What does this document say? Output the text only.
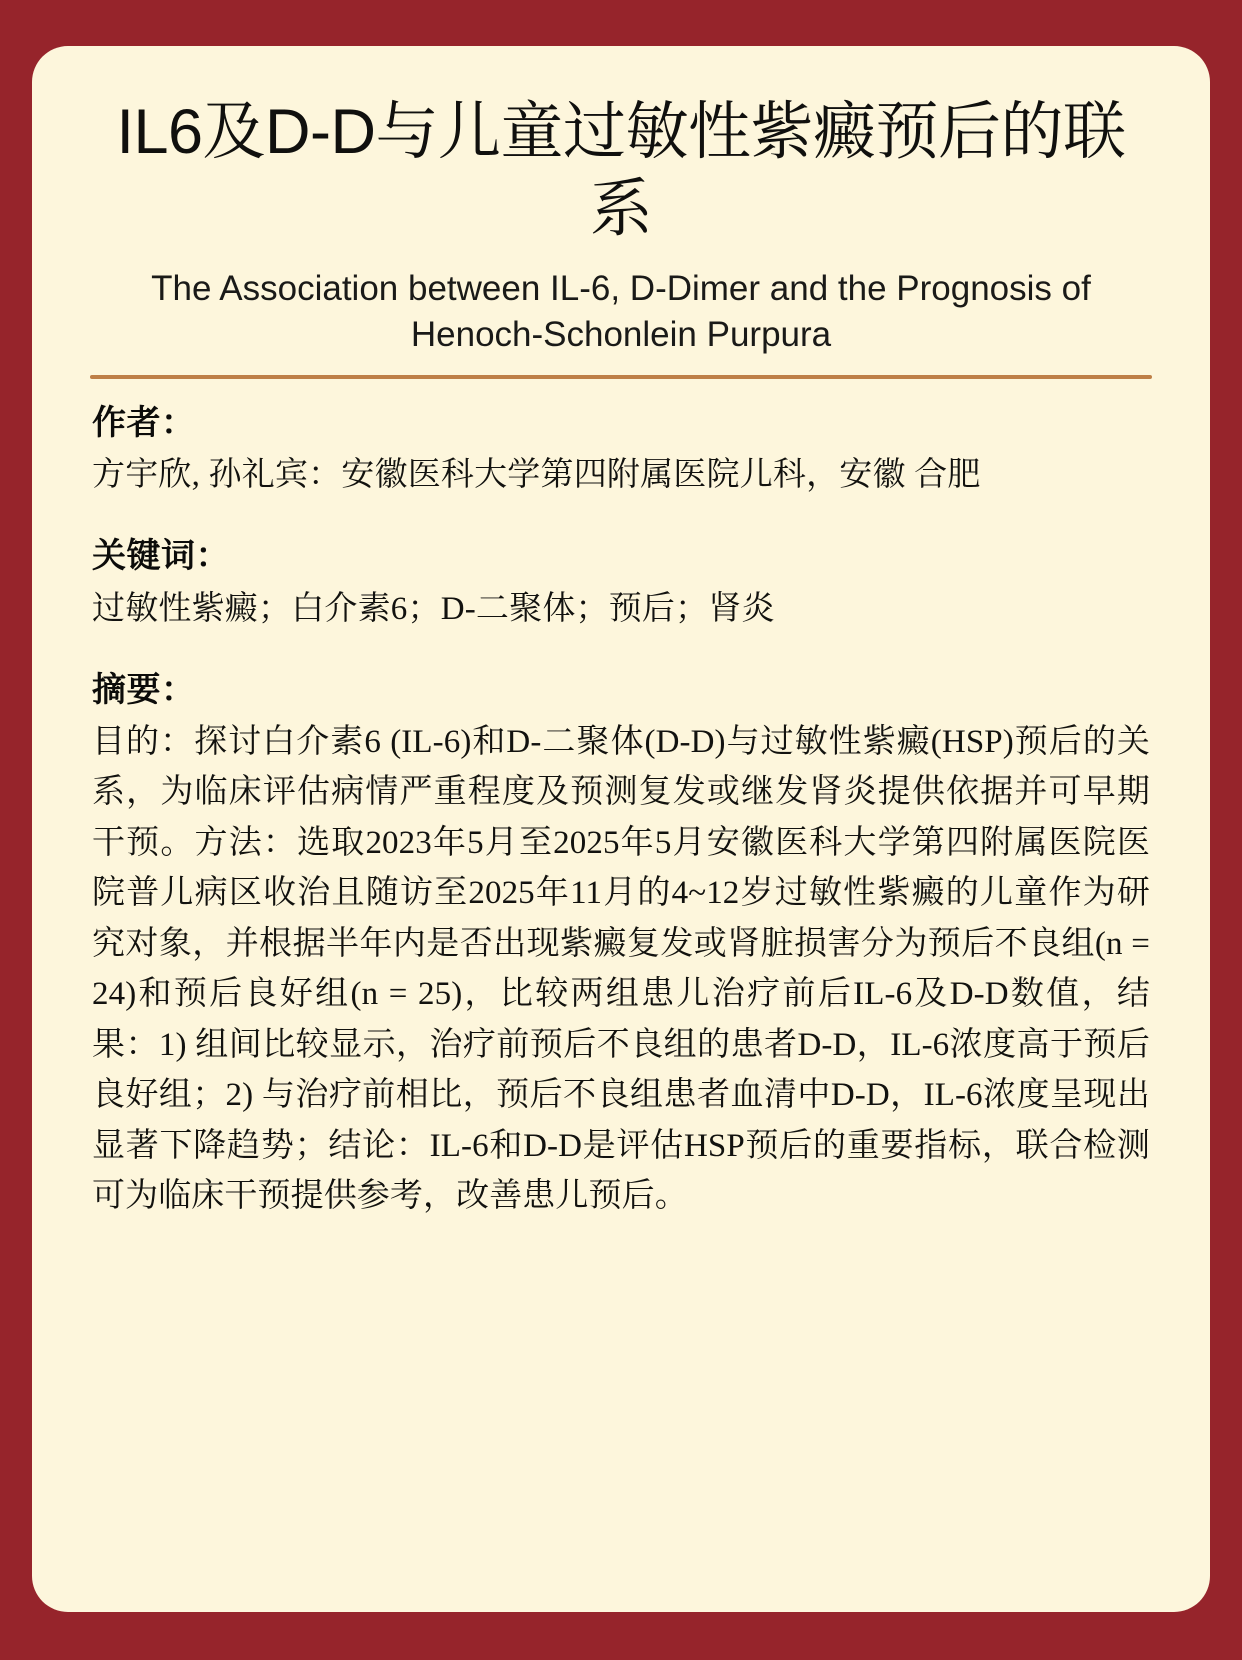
IL6及D-D与儿童过敏性紫癜预后的联系
The Association between IL-6, D-Dimer and the Prognosis of Henoch-Schonlein Purpura
作者：
方宇欣, 孙礼宾：安徽医科大学第四附属医院儿科，安徽 合肥
关键词：
过敏性紫癜；白介素6；D-二聚体；预后；肾炎
摘要：
目的：探讨白介素6 (IL-6)和D-二聚体(D-D)与过敏性紫癜(HSP)预后的关系，为临床评估病情严重程度及预测复发或继发肾炎提供依据并可早期干预。方法：选取2023年5月至2025年5月安徽医科大学第四附属医院医院普儿病区收治且随访至2025年11月的4~12岁过敏性紫癜的儿童作为研究对象，并根据半年内是否出现紫癜复发或肾脏损害分为预后不良组(n = 24)和预后良好组(n = 25)，比较两组患儿治疗前后IL-6及D-D数值，结果：1) 组间比较显示，治疗前预后不良组的患者D-D，IL-6浓度高于预后良好组；2) 与治疗前相比，预后不良组患者血清中D-D，IL-6浓度呈现出显著下降趋势；结论：IL-6和D-D是评估HSP预后的重要指标，联合检测可为临床干预提供参考，改善患儿预后。
